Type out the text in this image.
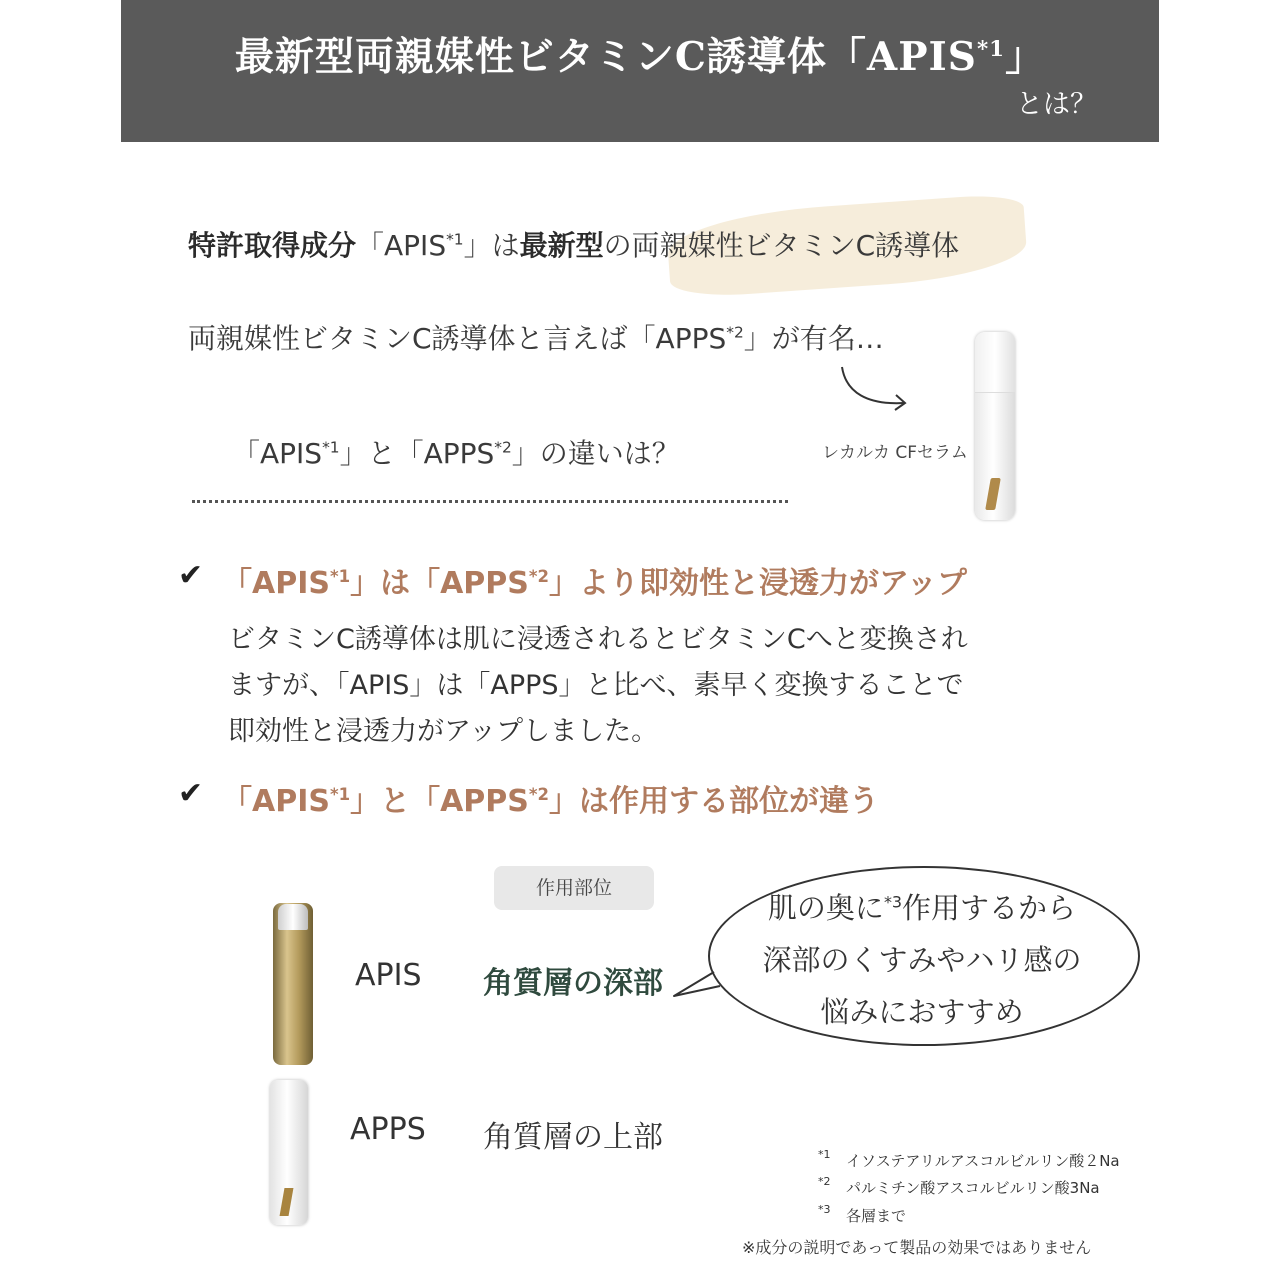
最新型両親媒性ビタミンC誘導体「APIS$^{*1}$」
とは？
特許取得成分「APIS$^{*1}$」は最新型の両親媒性ビタミンC誘導体
両親媒性ビタミンC誘導体と言えば「APPS$^{*2}$」が有名…
レカルカ CFセラム
「APIS$^{*1}$」と「APPS$^{*2}$」の違いは？
✔ 「APIS$^{*1}$」は「APPS$^{*2}$」より即効性と浸透力がアップ
ビタミンC誘導体は肌に浸透されるとビタミンCへと変換され
ますが、「APIS」は「APPS」と比べ、素早く変換することで
即効性と浸透力がアップしました。
✔ 「APIS$^{*1}$」と「APPS$^{*2}$」は作用する部位が違う
作用部位
APIS 角質層の深部
APPS 角質層の上部
肌の奥に$^{*3}$作用するから
深部のくすみやハリ感の
悩みにおすすめ
*1 イソステアリルアスコルビルリン酸２Na
*2 パルミチン酸アスコルビルリン酸3Na
*3 各層まで
※成分の説明であって製品の効果ではありません
